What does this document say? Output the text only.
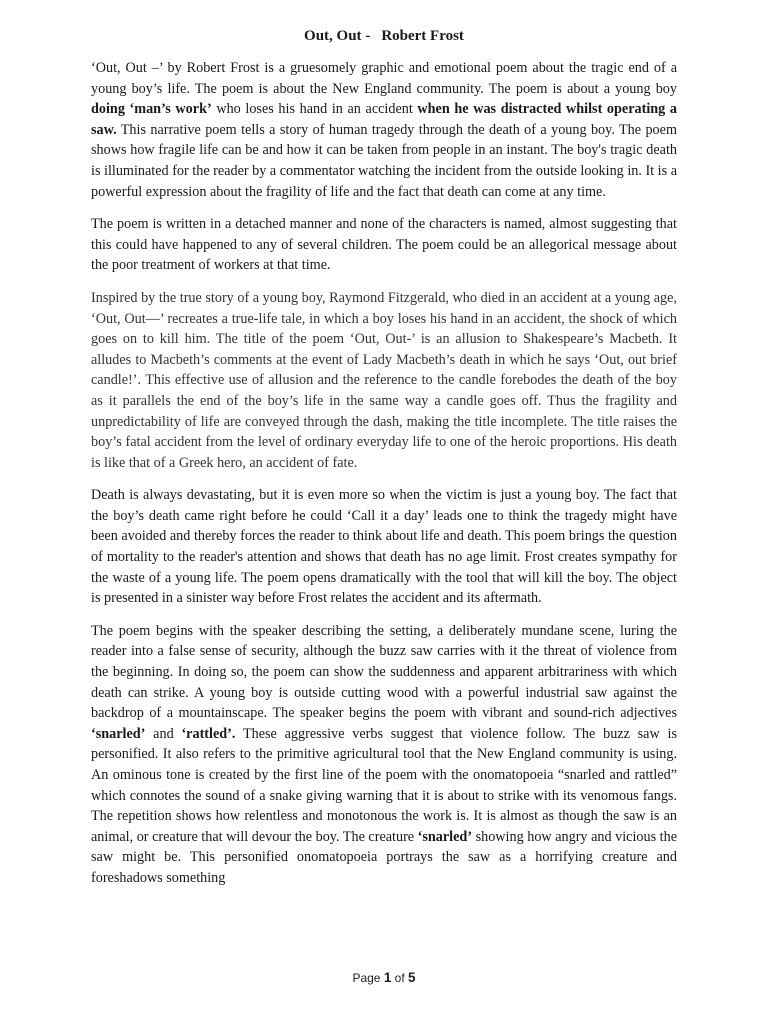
Out, Out - Robert Frost

‘Out, Out –’ by Robert Frost is a gruesomely graphic and emotional poem about the tragic end of a young boy’s life. The poem is about the New England community. The poem is about a young boy doing ‘man’s work’ who loses his hand in an accident when he was distracted whilst operating a saw. This narrative poem tells a story of human tragedy through the death of a young boy. The poem shows how fragile life can be and how it can be taken from people in an instant. The boy's tragic death is illuminated for the reader by a commentator watching the incident from the outside looking in. It is a powerful expression about the fragility of life and the fact that death can come at any time.

The poem is written in a detached manner and none of the characters is named, almost suggesting that this could have happened to any of several children. The poem could be an allegorical message about the poor treatment of workers at that time.

Inspired by the true story of a young boy, Raymond Fitzgerald, who died in an accident at a young age, ‘Out, Out—’ recreates a true-life tale, in which a boy loses his hand in an accident, the shock of which goes on to kill him. The title of the poem ‘Out, Out-’ is an allusion to Shakespeare’s Macbeth. It alludes to Macbeth’s comments at the event of Lady Macbeth’s death in which he says ‘Out, out brief candle!’. This effective use of allusion and the reference to the candle forebodes the death of the boy as it parallels the end of the boy’s life in the same way a candle goes off. Thus the fragility and unpredictability of life are conveyed through the dash, making the title incomplete. The title raises the boy’s fatal accident from the level of ordinary everyday life to one of the heroic proportions. His death is like that of a Greek hero, an accident of fate.

Death is always devastating, but it is even more so when the victim is just a young boy. The fact that the boy’s death came right before he could ‘Call it a day’ leads one to think the tragedy might have been avoided and thereby forces the reader to think about life and death. This poem brings the question of mortality to the reader's attention and shows that death has no age limit. Frost creates sympathy for the waste of a young life. The poem opens dramatically with the tool that will kill the boy. The object is presented in a sinister way before Frost relates the accident and its aftermath.

The poem begins with the speaker describing the setting, a deliberately mundane scene, luring the reader into a false sense of security, although the buzz saw carries with it the threat of violence from the beginning. In doing so, the poem can show the suddenness and apparent arbitrariness with which death can strike. A young boy is outside cutting wood with a powerful industrial saw against the backdrop of a mountainscape. The speaker begins the poem with vibrant and sound-rich adjectives ‘snarled’ and ‘rattled’. These aggressive verbs suggest that violence follow. The buzz saw is personified. It also refers to the primitive agricultural tool that the New England community is using. An ominous tone is created by the first line of the poem with the onomatopoeia “snarled and rattled” which connotes the sound of a snake giving warning that it is about to strike with its venomous fangs. The repetition shows how relentless and monotonous the work is. It is almost as though the saw is an animal, or creature that will devour the boy. The creature ‘snarled’ showing how angry and vicious the saw might be. This personified onomatopoeia portrays the saw as a horrifying creature and foreshadows something

Page 1 of 5
